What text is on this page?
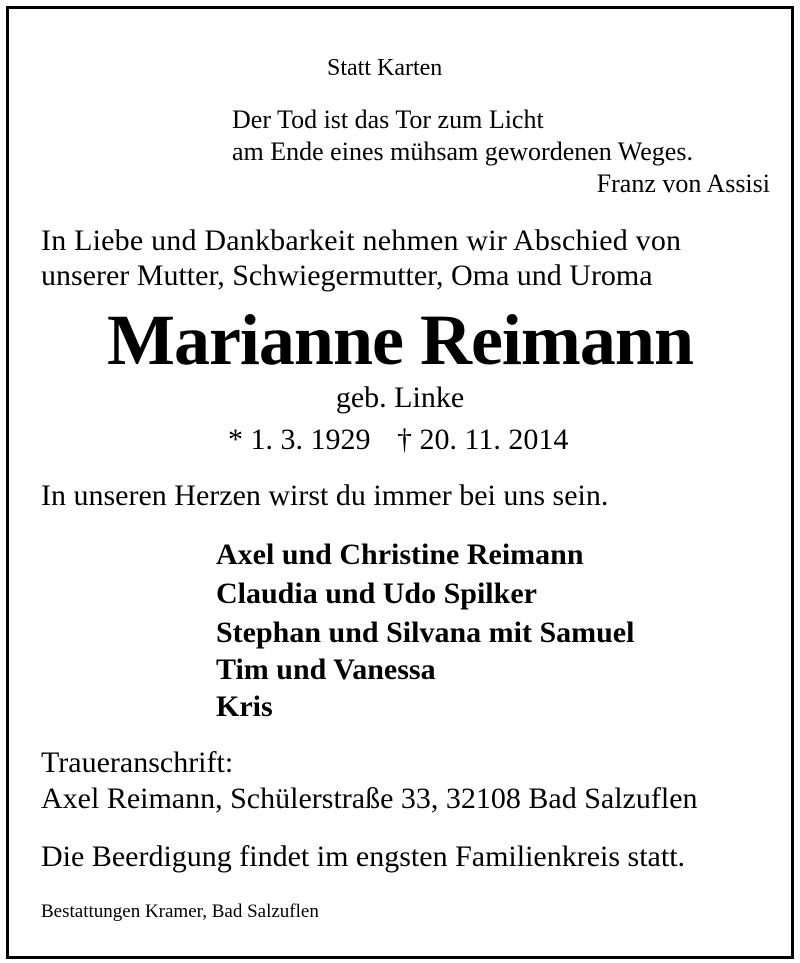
Statt Karten
Der Tod ist das Tor zum Licht
am Ende eines mühsam gewordenen Weges.
Franz von Assisi
In Liebe und Dankbarkeit nehmen wir Abschied von
unserer Mutter, Schwiegermutter, Oma und Uroma
Marianne Reimann
geb. Linke
* 1. 3. 1929 † 20. 11. 2014
In unseren Herzen wirst du immer bei uns sein.
Axel und Christine Reimann
Claudia und Udo Spilker
Stephan und Silvana mit Samuel
Tim und Vanessa
Kris
Traueranschrift:
Axel Reimann, Schülerstraße 33, 32108 Bad Salzuflen
Die Beerdigung findet im engsten Familienkreis statt.
Bestattungen Kramer, Bad Salzuflen
